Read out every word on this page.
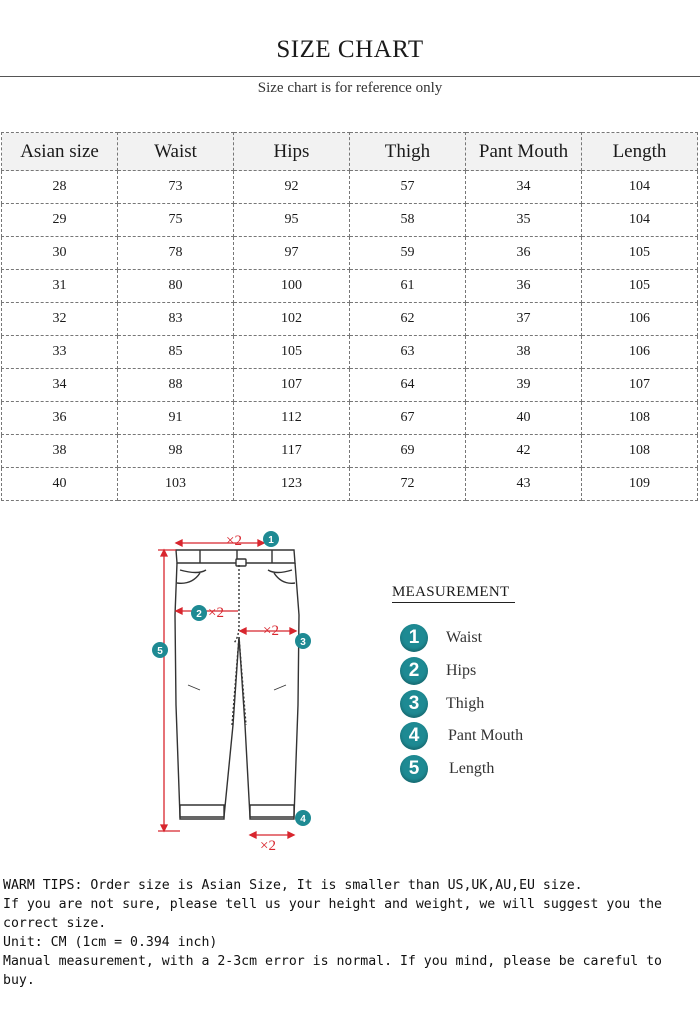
SIZE CHART
Size chart is for reference only
Asian size	Waist	Hips	Thigh	Pant Mouth	Length
28	73	92	57	34	104
29	75	95	58	35	104
30	78	97	59	36	105
31	80	100	61	36	105
32	83	102	62	37	106
33	85	105	63	38	106
34	88	107	64	39	107
36	91	112	67	40	108
38	98	117	69	42	108
40	103	123	72	43	109
×2
×2
×2
×2
1
2
3
4
5
MEASUREMENT
1	Waist
2	Hips
3	Thigh
4	Pant Mouth
5	Length

WARM TIPS: Order size is Asian Size, It is smaller than US,UK,AU,EU size.

If you are not sure, please tell us your height and weight, we will suggest you the correct size.

Unit: CM (1cm = 0.394 inch)

Manual measurement, with a 2-3cm error is normal. If you mind, please be careful to buy.
